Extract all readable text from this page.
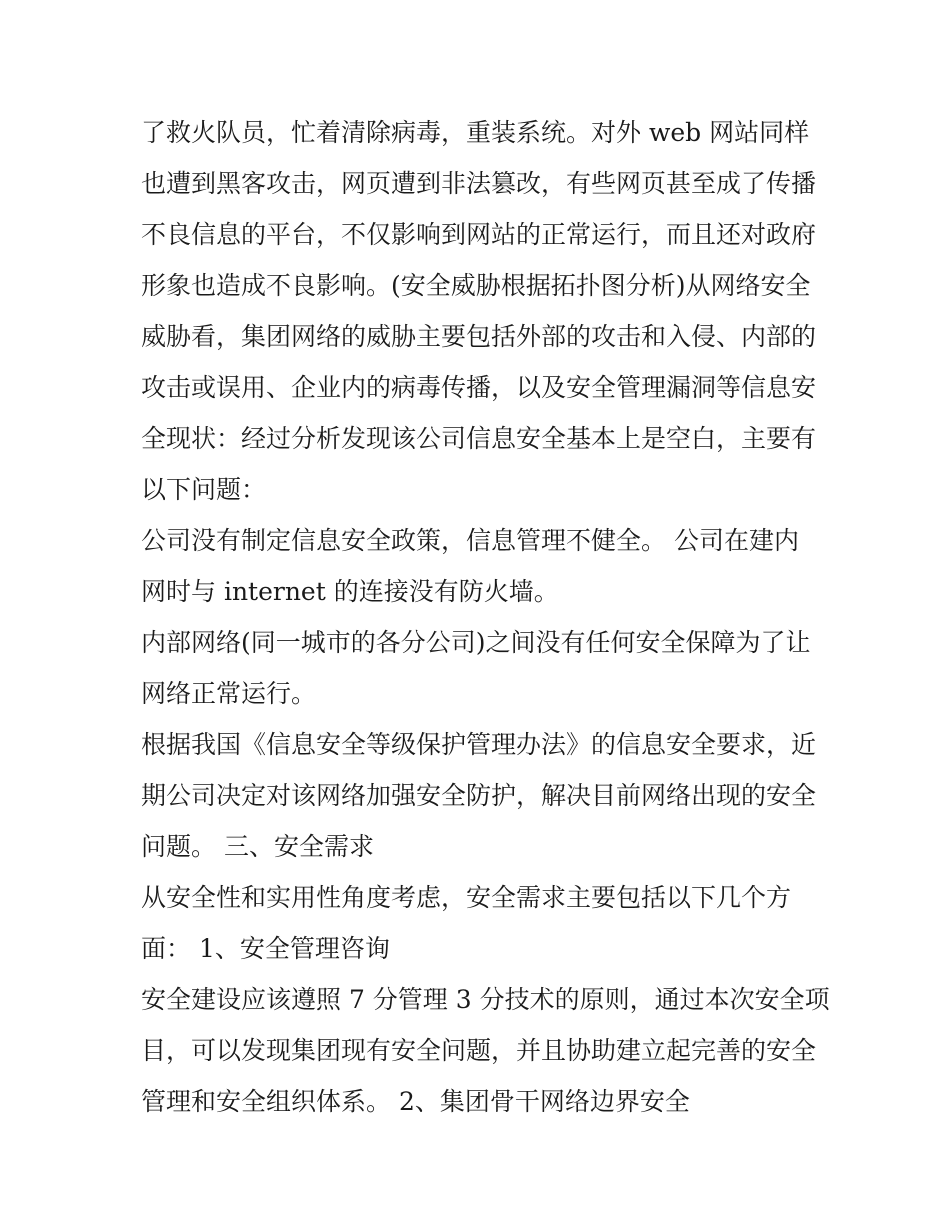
了救火队员，忙着清除病毒，重装系统。对外 web 网站同样
也遭到黑客攻击，网页遭到非法篡改，有些网页甚至成了传播
不良信息的平台，不仅影响到网站的正常运行，而且还对政府
形象也造成不良影响。(安全威胁根据拓扑图分析)从网络安全
威胁看，集团网络的威胁主要包括外部的攻击和入侵、内部的
攻击或误用、企业内的病毒传播，以及安全管理漏洞等信息安
全现状：经过分析发现该公司信息安全基本上是空白，主要有
以下问题：
公司没有制定信息安全政策，信息管理不健全。 公司在建内
网时与 internet 的连接没有防火墙。
内部网络(同一城市的各分公司)之间没有任何安全保障为了让
网络正常运行。
根据我国《信息安全等级保护管理办法》的信息安全要求，近
期公司决定对该网络加强安全防护，解决目前网络出现的安全
问题。 三、安全需求
从安全性和实用性角度考虑，安全需求主要包括以下几个方
面： 1、安全管理咨询
安全建设应该遵照 7 分管理 3 分技术的原则，通过本次安全项
目，可以发现集团现有安全问题，并且协助建立起完善的安全
管理和安全组织体系。 2、集团骨干网络边界安全
